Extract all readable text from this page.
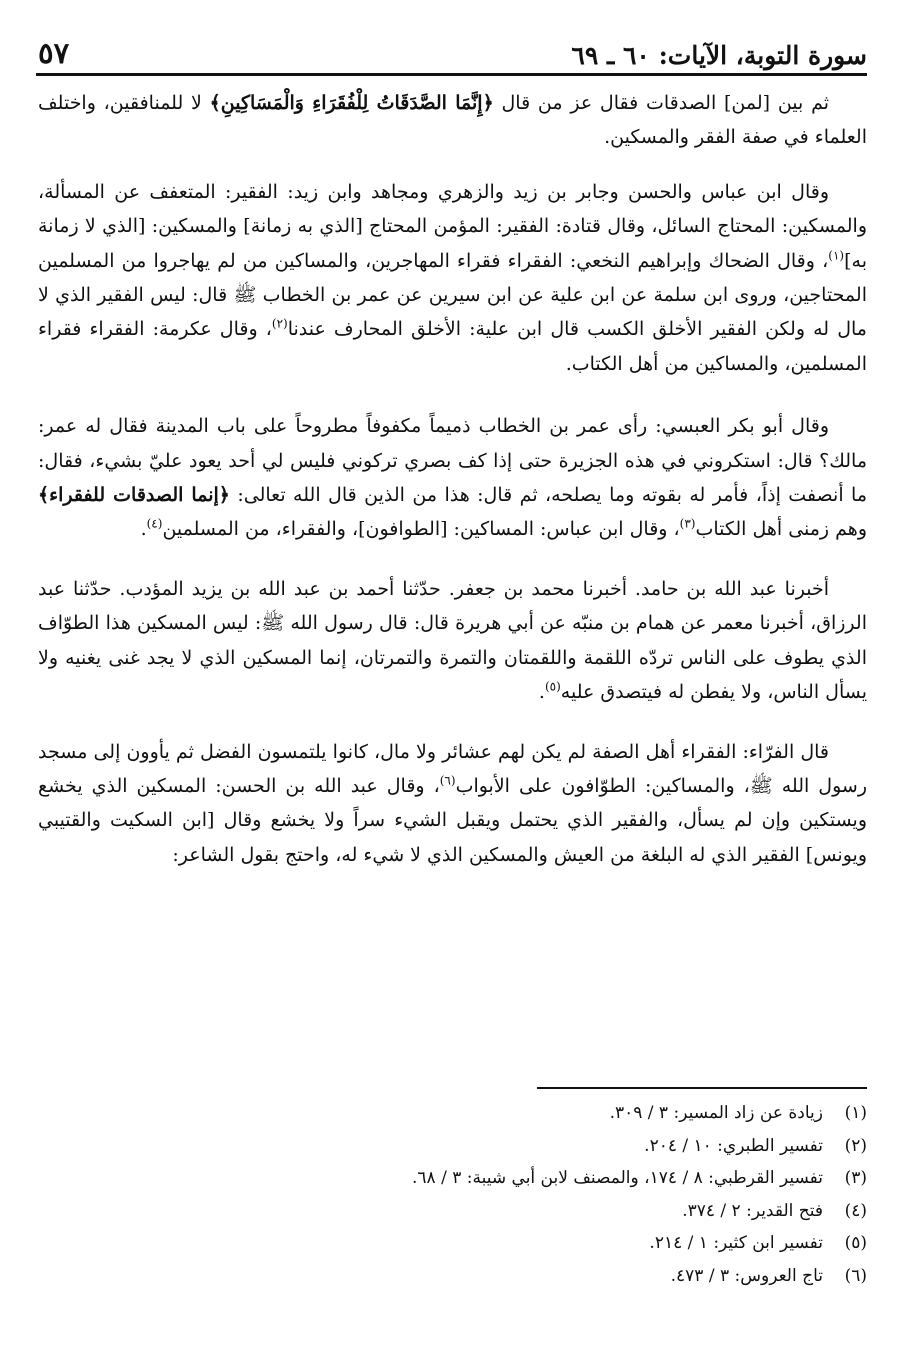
سورة التوبة، الآيات: ٦٠ ـ ٦٩
٥٧

ثم بين [لمن] الصدقات فقال عز من قال ﴿إِنَّمَا الصَّدَقَاتُ لِلْفُقَرَاءِ وَالْمَسَاكِينِ﴾ لا للمنافقين، واختلف العلماء في صفة الفقر والمسكين.

وقال ابن عباس والحسن وجابر بن زيد والزهري ومجاهد وابن زيد: الفقير: المتعفف عن المسألة، والمسكين: المحتاج السائل، وقال قتادة: الفقير: المؤمن المحتاج [الذي به زمانة] والمسكين: [الذي لا زمانة به]$^{(١)}$، وقال الضحاك وإبراهيم النخعي: الفقراء فقراء المهاجرين، والمساكين من لم يهاجروا من المسلمين المحتاجين، وروى ابن سلمة عن ابن علية عن ابن سيرين عن عمر بن الخطاب ﷺ قال: ليس الفقير الذي لا مال له ولكن الفقير الأخلق الكسب قال ابن علية: الأخلق المحارف عندنا$^{(٢)}$، وقال عكرمة: الفقراء فقراء المسلمين، والمساكين من أهل الكتاب.

وقال أبو بكر العبسي: رأى عمر بن الخطاب ذميماً مكفوفاً مطروحاً على باب المدينة فقال له عمر: مالك؟ قال: استكروني في هذه الجزيرة حتى إذا كف بصري تركوني فليس لي أحد يعود عليّ بشيء، فقال: ما أنصفت إذاً، فأمر له بقوته وما يصلحه، ثم قال: هذا من الذين قال الله تعالى: ﴿إنما الصدقات للفقراء﴾ وهم زمنى أهل الكتاب$^{(٣)}$، وقال ابن عباس: المساكين: [الطوافون]، والفقراء، من المسلمين$^{(٤)}$.

أخبرنا عبد الله بن حامد. أخبرنا محمد بن جعفر. حدّثنا أحمد بن عبد الله بن يزيد المؤدب. حدّثنا عبد الرزاق، أخبرنا معمر عن همام بن منبّه عن أبي هريرة قال: قال رسول الله ﷺ: ليس المسكين هذا الطوّاف الذي يطوف على الناس تردّه اللقمة واللقمتان والتمرة والتمرتان، إنما المسكين الذي لا يجد غنى يغنيه ولا يسأل الناس، ولا يفطن له فيتصدق عليه$^{(٥)}$.

قال الفرّاء: الفقراء أهل الصفة لم يكن لهم عشائر ولا مال، كانوا يلتمسون الفضل ثم يأوون إلى مسجد رسول الله ﷺ، والمساكين: الطوّافون على الأبواب$^{(٦)}$، وقال عبد الله بن الحسن: المسكين الذي يخشع ويستكين وإن لم يسأل، والفقير الذي يحتمل ويقبل الشيء سراً ولا يخشع وقال [ابن السكيت والقتيبي ويونس] الفقير الذي له البلغة من العيش والمسكين الذي لا شيء له، واحتج بقول الشاعر:

(١)زيادة عن زاد المسير: ٣ / ٣٠٩.
(٢)تفسير الطبري: ١٠ / ٢٠٤.
(٣)تفسير القرطبي: ٨ / ١٧٤، والمصنف لابن أبي شيبة: ٣ / ٦٨.
(٤)فتح القدير: ٢ / ٣٧٤.
(٥)تفسير ابن كثير: ١ / ٢١٤.
(٦)تاج العروس: ٣ / ٤٧٣.
